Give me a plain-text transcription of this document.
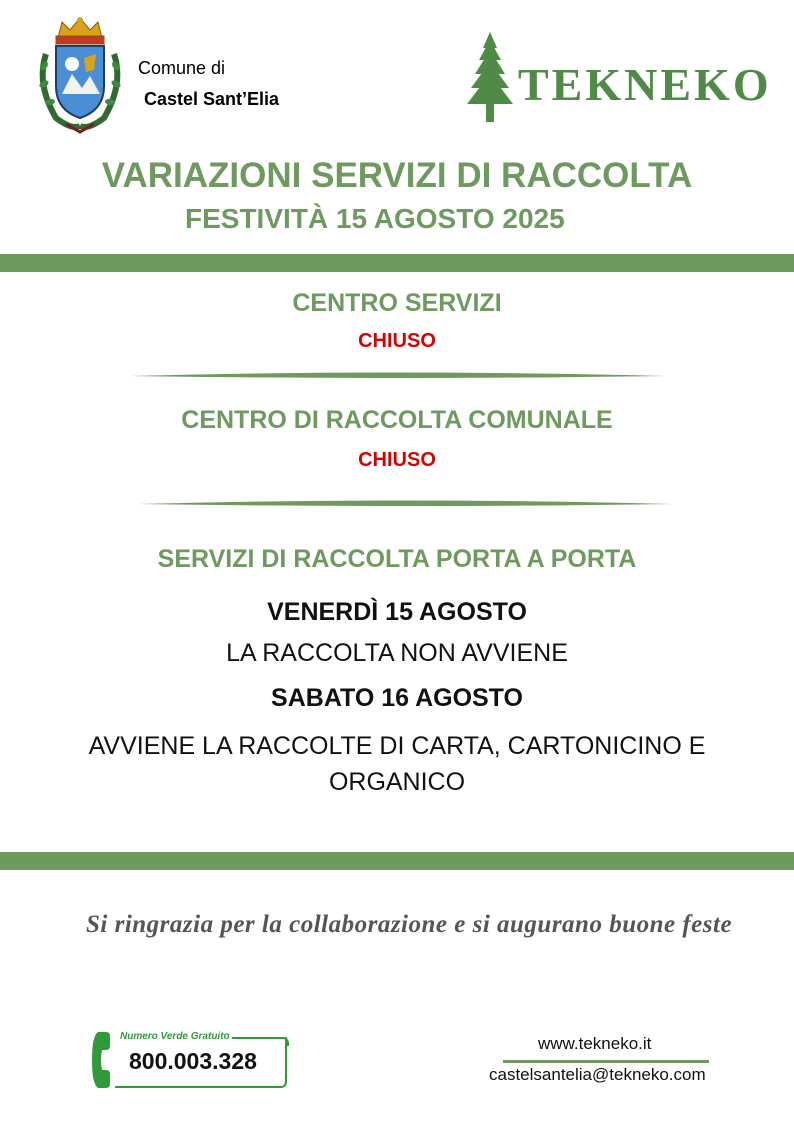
Comune di
Castel Sant’Elia	TEKNEKO
VARIAZIONI SERVIZI DI RACCOLTA
FESTIVITÀ 15 AGOSTO 2025
CENTRO SERVIZI
CHIUSO
CENTRO DI RACCOLTA COMUNALE
CHIUSO
SERVIZI DI RACCOLTA PORTA A PORTA
VENERDÌ 15 AGOSTO
LA RACCOLTA NON AVVIENE
SABATO 16 AGOSTO
AVVIENE LA RACCOLTE DI CARTA, CARTONICINO E
ORGANICO
Si ringrazia per la collaborazione e si augurano buone feste
Numero Verde Gratuito
800.003.328
www.tekneko.it
castelsantelia@tekneko.com
